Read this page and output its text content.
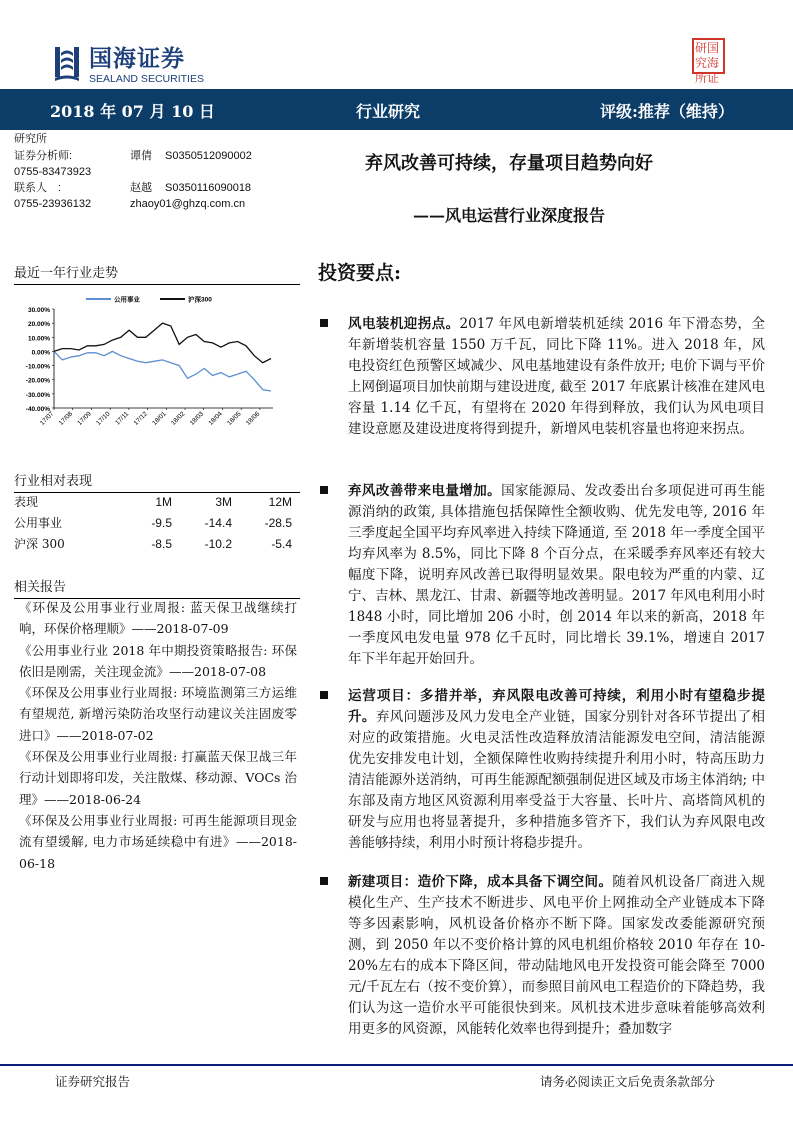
国海证券
SEALAND SECURITIES
研国究海所证
2018 年 07 月 10 日	行业研究	评级:推荐（维持）
研究所
证券分析师:	谭倩 S0350512090002
0755-83473923
联系人　:	赵越 S0350116090018
0755-23936132	zhaoy01@ghzq.com.cn
弃风改善可持续，存量项目趋势向好
——风电运营行业深度报告
最近一年行业走势
30.00%
20.00%
10.00%
0.00%
-10.00%
-20.00%
-30.00%
-40.00%
17/07 17/08 17/09 17/10 17/11 17/12 18/01 18/02 18/03 18/04 18/05 18/06
公用事业	沪深300
行业相对表现
表现	1M	3M	12M
公用事业	-9.5	-14.4	-28.5
沪深 300	-8.5	-10.2	-5.4
相关报告

《环保及公用事业行业周报: 蓝天保卫战继续打响，环保价格理顺》——2018-07-09

《公用事业行业 2018 年中期投资策略报告: 环保依旧是刚需，关注现金流》——2018-07-08

《环保及公用事业行业周报: 环境监测第三方运维有望规范, 新增污染防治攻坚行动建议关注固废零进口》——2018-07-02

《环保及公用事业行业周报: 打赢蓝天保卫战三年行动计划即将印发，关注散煤、移动源、VOCs 治理》——2018-06-24

《环保及公用事业行业周报: 可再生能源项目现金流有望缓解, 电力市场延续稳中有进》——2018-06-18

投资要点:
风电装机迎拐点。2017 年风电新增装机延续 2016 年下滑态势，全年新增装机容量 1550 万千瓦，同比下降 11%。进入 2018 年，风电投资红色预警区域减少、风电基地建设有条件放开; 电价下调与平价上网倒逼项目加快前期与建设进度, 截至 2017 年底累计核准在建风电容量 1.14 亿千瓦，有望将在 2020 年得到释放，我们认为风电项目建设意愿及建设进度将得到提升，新增风电装机容量也将迎来拐点。
弃风改善带来电量增加。国家能源局、发改委出台多项促进可再生能源消纳的政策, 具体措施包括保障性全额收购、优先发电等, 2016 年三季度起全国平均弃风率进入持续下降通道, 至 2018 年一季度全国平均弃风率为 8.5%，同比下降 8 个百分点，在采暖季弃风率还有较大幅度下降，说明弃风改善已取得明显效果。限电较为严重的内蒙、辽宁、吉林、黑龙江、甘肃、新疆等地改善明显。2017 年风电利用小时 1848 小时，同比增加 206 小时，创 2014 年以来的新高，2018 年一季度风电发电量 978 亿千瓦时，同比增长 39.1%，增速自 2017 年下半年起开始回升。
运营项目：多措并举，弃风限电改善可持续，利用小时有望稳步提升。弃风问题涉及风力发电全产业链，国家分别针对各环节提出了相对应的政策措施。火电灵活性改造释放清洁能源发电空间，清洁能源优先安排发电计划，全额保障性收购持续提升利用小时，特高压助力清洁能源外送消纳，可再生能源配额强制促进区域及市场主体消纳; 中东部及南方地区风资源利用率受益于大容量、长叶片、高塔筒风机的研发与应用也将显著提升，多种措施多管齐下，我们认为弃风限电改善能够持续，利用小时预计将稳步提升。
新建项目：造价下降，成本具备下调空间。随着风机设备厂商进入规模化生产、生产技术不断进步、风电平价上网推动全产业链成本下降等多因素影响，风机设备价格亦不断下降。国家发改委能源研究预测，到 2050 年以不变价格计算的风电机组价格较 2010 年存在 10-20%左右的成本下降区间，带动陆地风电开发投资可能会降至 7000 元/千瓦左右（按不变价算），而参照目前风电工程造价的下降趋势，我们认为这一造价水平可能很快到来。风机技术进步意味着能够高效利用更多的风资源，风能转化效率也得到提升；叠加数字
证券研究报告	请务必阅读正文后免责条款部分
